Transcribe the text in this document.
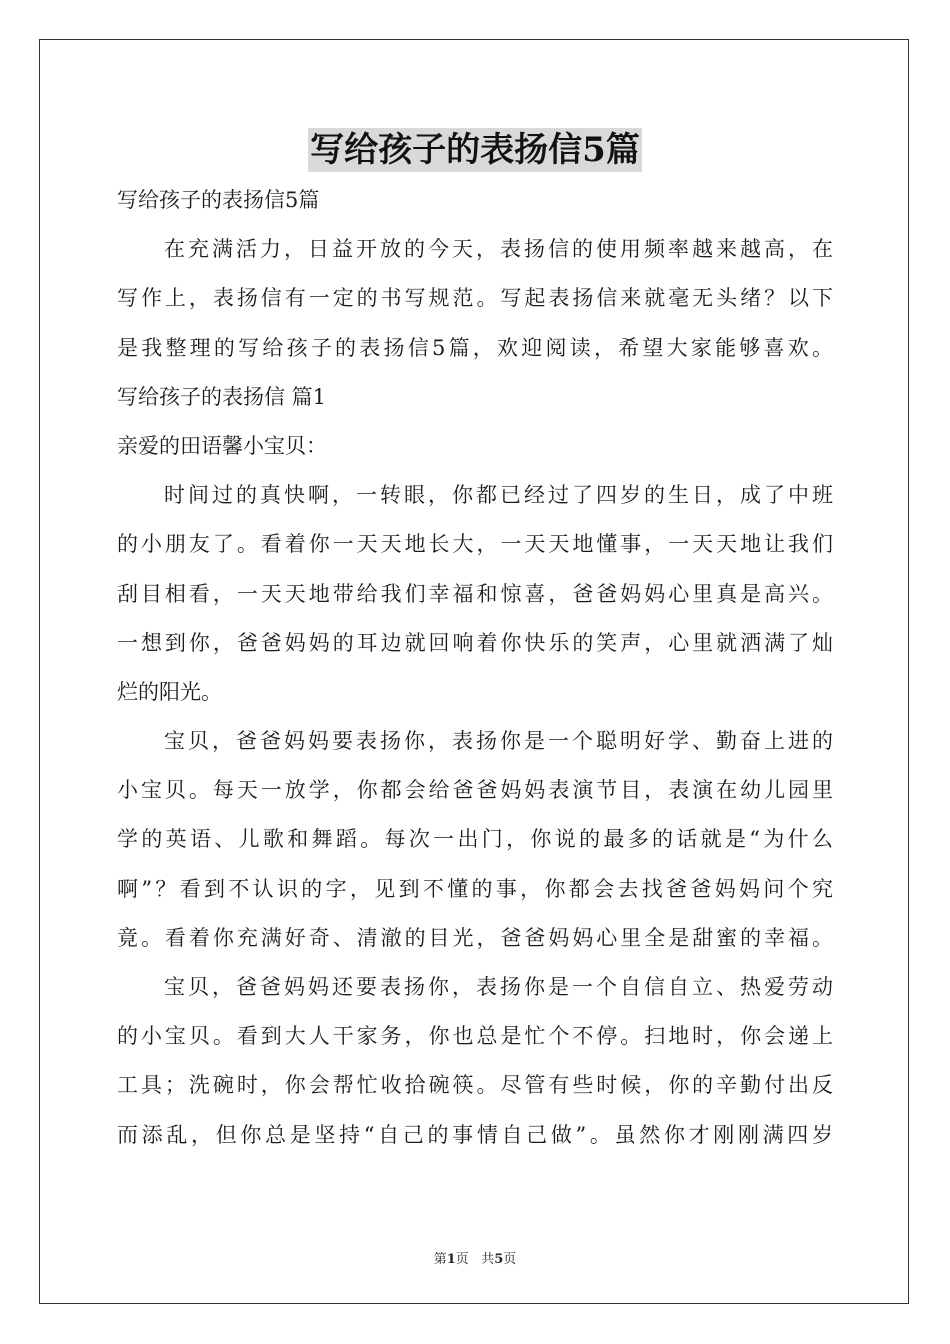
写给孩子的表扬信5篇
写给孩子的表扬信5篇
在充满活力，日益开放的今天，表扬信的使用频率越来越高，在
写作上，表扬信有一定的书写规范。写起表扬信来就毫无头绪？以下
是我整理的写给孩子的表扬信5篇，欢迎阅读，希望大家能够喜欢。
写给孩子的表扬信 篇1
亲爱的田语馨小宝贝：
时间过的真快啊，一转眼，你都已经过了四岁的生日，成了中班
的小朋友了。看着你一天天地长大，一天天地懂事，一天天地让我们
刮目相看，一天天地带给我们幸福和惊喜，爸爸妈妈心里真是高兴。
一想到你，爸爸妈妈的耳边就回响着你快乐的笑声，心里就洒满了灿
烂的阳光。
宝贝，爸爸妈妈要表扬你，表扬你是一个聪明好学、勤奋上进的
小宝贝。每天一放学，你都会给爸爸妈妈表演节目，表演在幼儿园里
学的英语、儿歌和舞蹈。每次一出门，你说的最多的话就是“为什么
啊”？看到不认识的字，见到不懂的事，你都会去找爸爸妈妈问个究
竟。看着你充满好奇、清澈的目光，爸爸妈妈心里全是甜蜜的幸福。
宝贝，爸爸妈妈还要表扬你，表扬你是一个自信自立、热爱劳动
的小宝贝。看到大人干家务，你也总是忙个不停。扫地时，你会递上
工具；洗碗时，你会帮忙收拾碗筷。尽管有些时候，你的辛勤付出反
而添乱，但你总是坚持“自己的事情自己做”。虽然你才刚刚满四岁
第1页 共5页
